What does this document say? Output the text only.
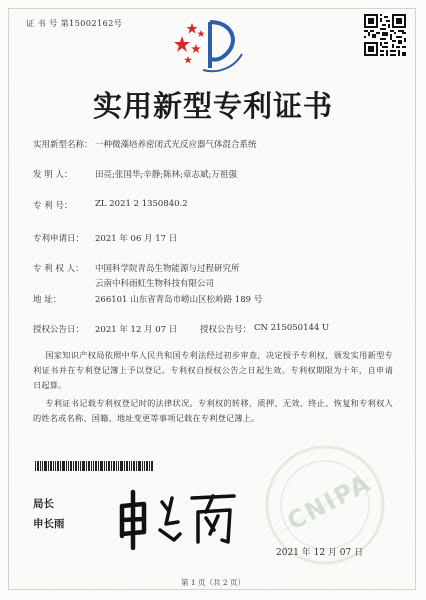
证 书 号 第15002162号
实用新型专利证书
实用新型名称： 一种微藻培养密闭式光反应器气体混合系统
发 明 人：	田亮;张国华;辛静;陈林;章志斌;万祖强
专 利 号：	ZL 2021 2 1350840.2
专利申请日： 2021 年 06 月 17 日
专 利 权 人： 中国科学院青岛生物能源与过程研究所
云南中科雨虹生物科技有限公司
地 址：	266101 山东省青岛市崂山区松岭路 189 号
授权公告日： 2021 年 12 月 07 日	授权公告号： CN 215050144 U
国家知识产权局依照中华人民共和国专利法经过初步审查，决定授予专利权，颁发实用新型专利证书并在专利登记簿上予以登记。专利权自授权公告之日起生效。专利权期限为十年，自申请日起算。
专利证书记载专利权登记时的法律状况。专利权的转移、质押、无效、终止、恢复和专利权人的姓名或名称、国籍、地址变更等事项记载在专利登记簿上。
CNIPA
局长
申长雨
2021 年 12 月 07 日
第 1 页（共 2 页）
